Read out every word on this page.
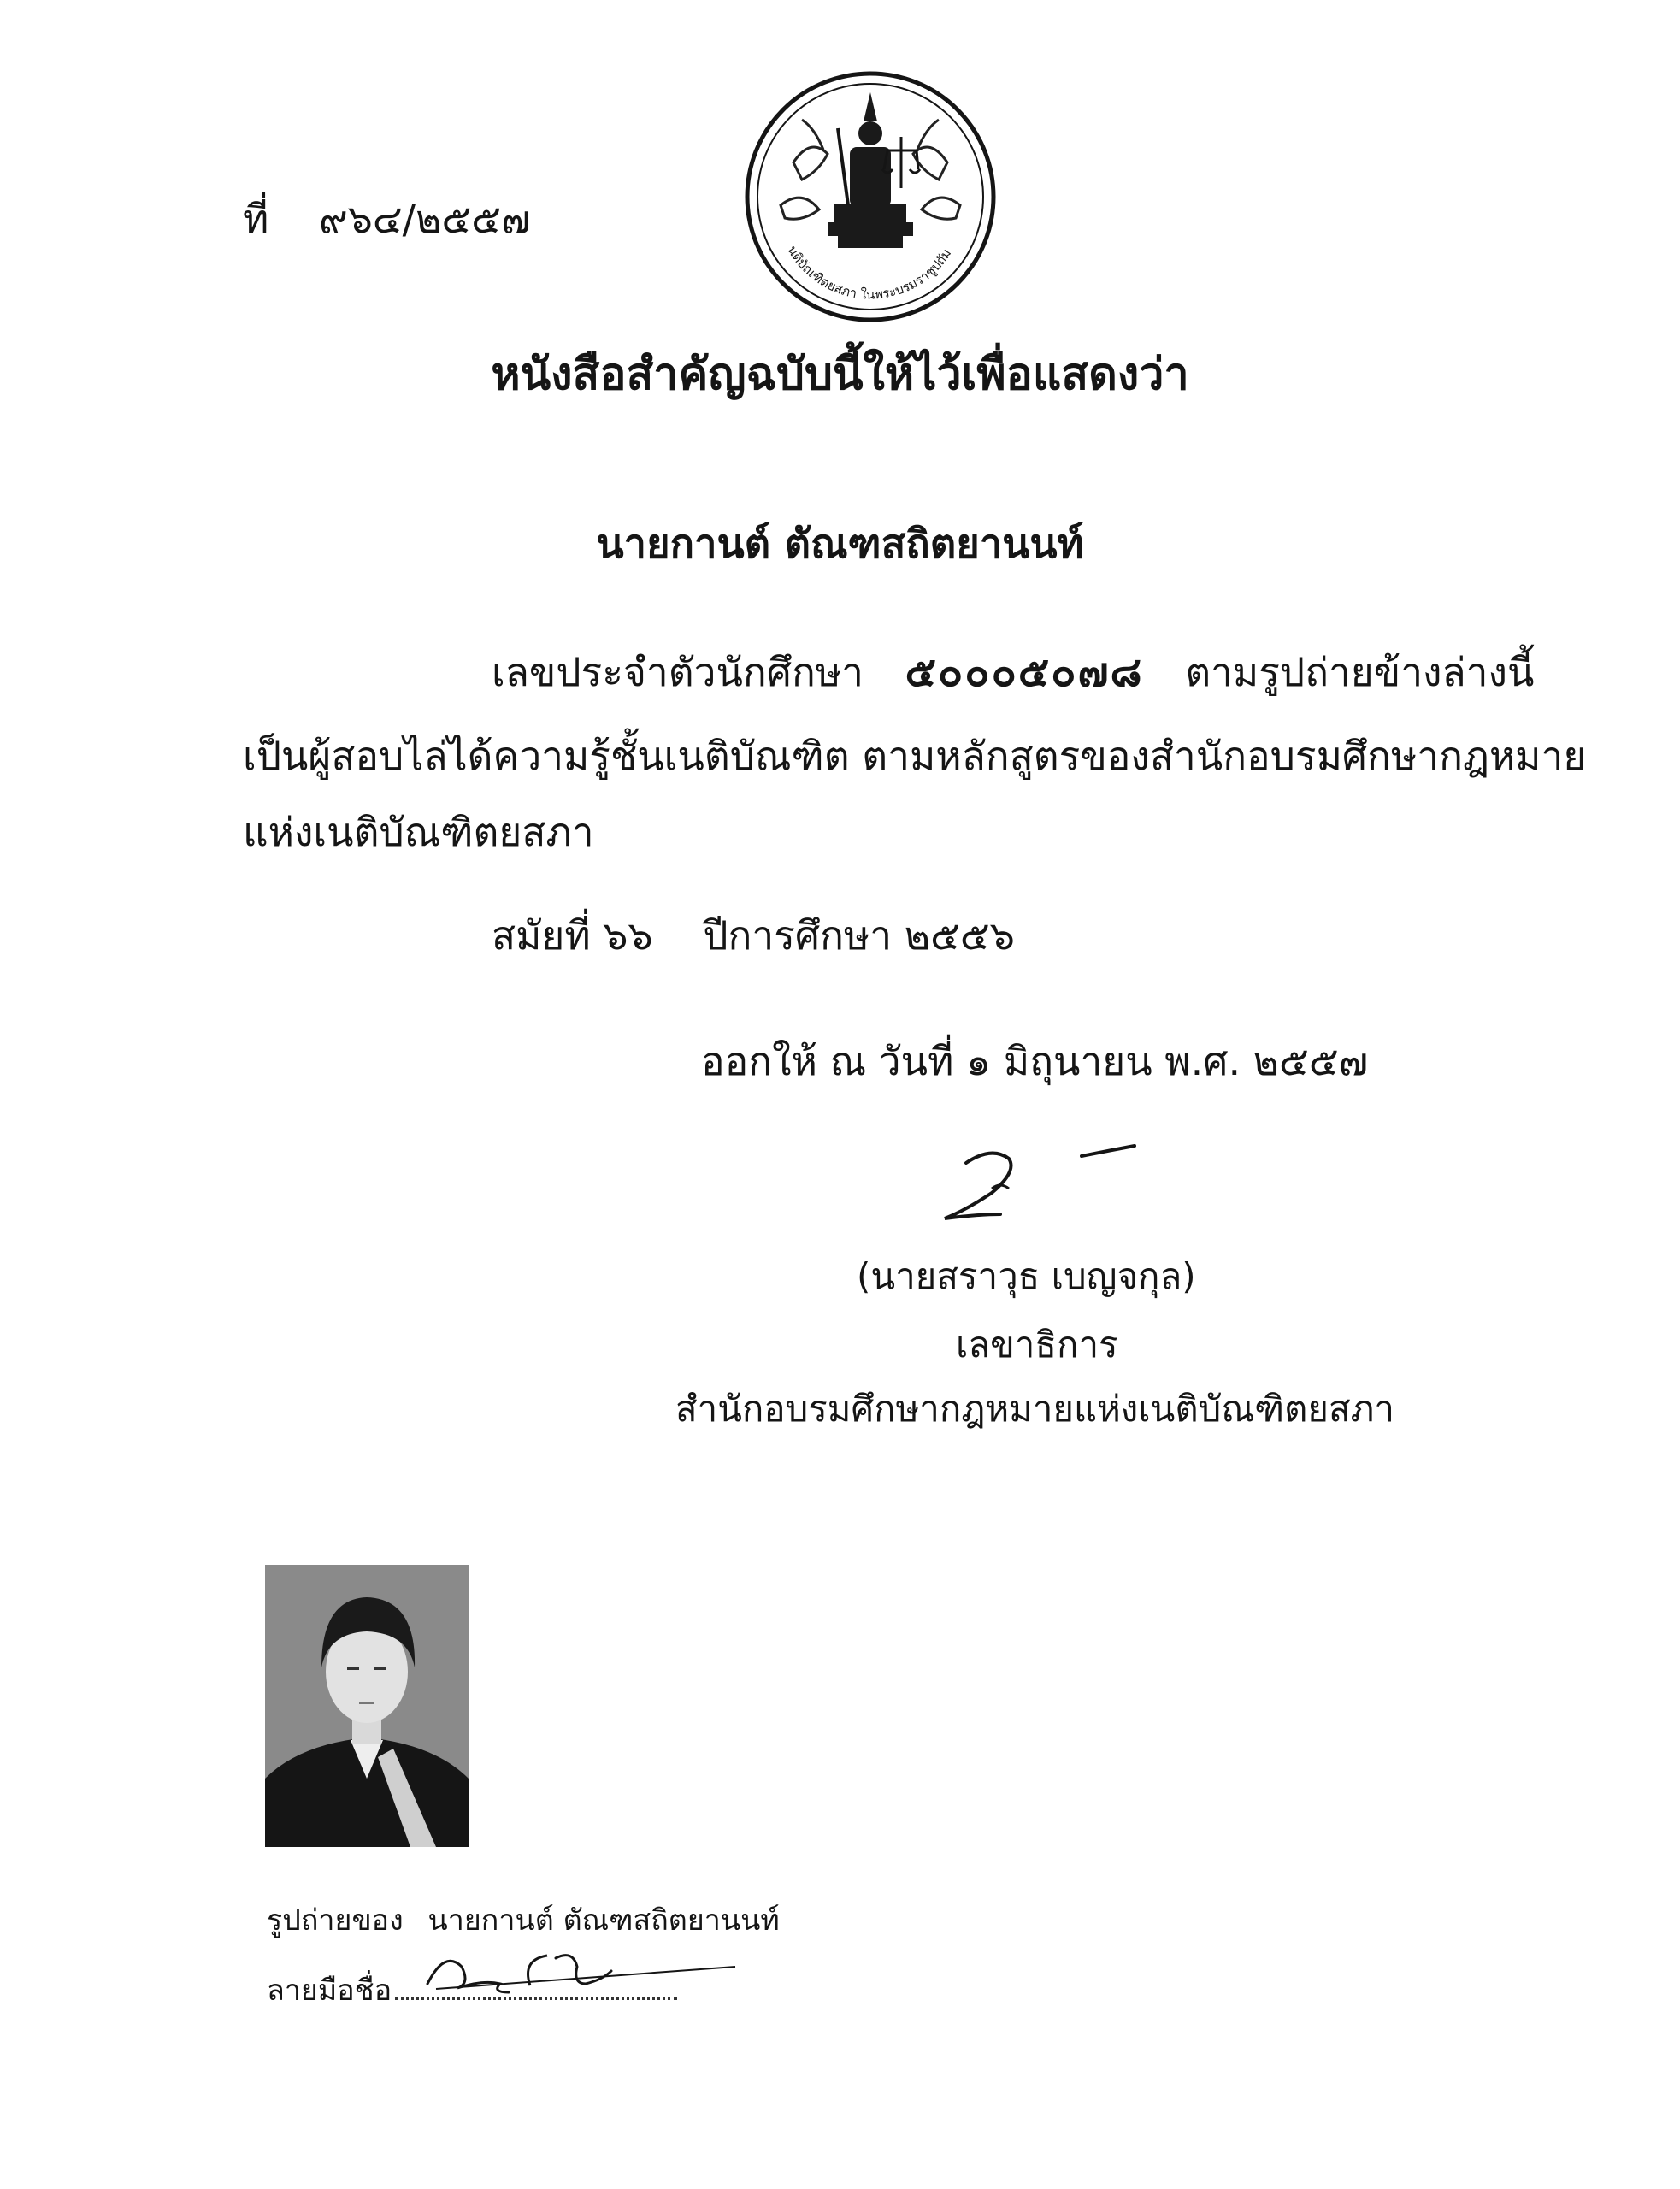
นติบัณฑิตยสภา ในพระบรมราชูปถัม
ที่ ๙๖๔/๒๕๕๗
หนังสือสำคัญฉบับนี้ให้ไว้เพื่อแสดงว่า
นายกานต์ ตัณฑสถิตยานนท์
เลขประจำตัวนักศึกษา ๕๐๐๐๕๐๗๘ ตามรูปถ่ายข้างล่างนี้
เป็นผู้สอบไล่ได้ความรู้ชั้นเนติบัณฑิต ตามหลักสูตรของสำนักอบรมศึกษากฎหมาย
แห่งเนติบัณฑิตยสภา
สมัยที่ ๖๖ ปีการศึกษา ๒๕๕๖
ออกให้ ณ วันที่ ๑ มิถุนายน พ.ศ. ๒๕๕๗
(นายสราวุธ เบญจกุล)
เลขาธิการ
สำนักอบรมศึกษากฎหมายแห่งเนติบัณฑิตยสภา
รูปถ่ายของ นายกานต์ ตัณฑสถิตยานนท์
ลายมือชื่อ
